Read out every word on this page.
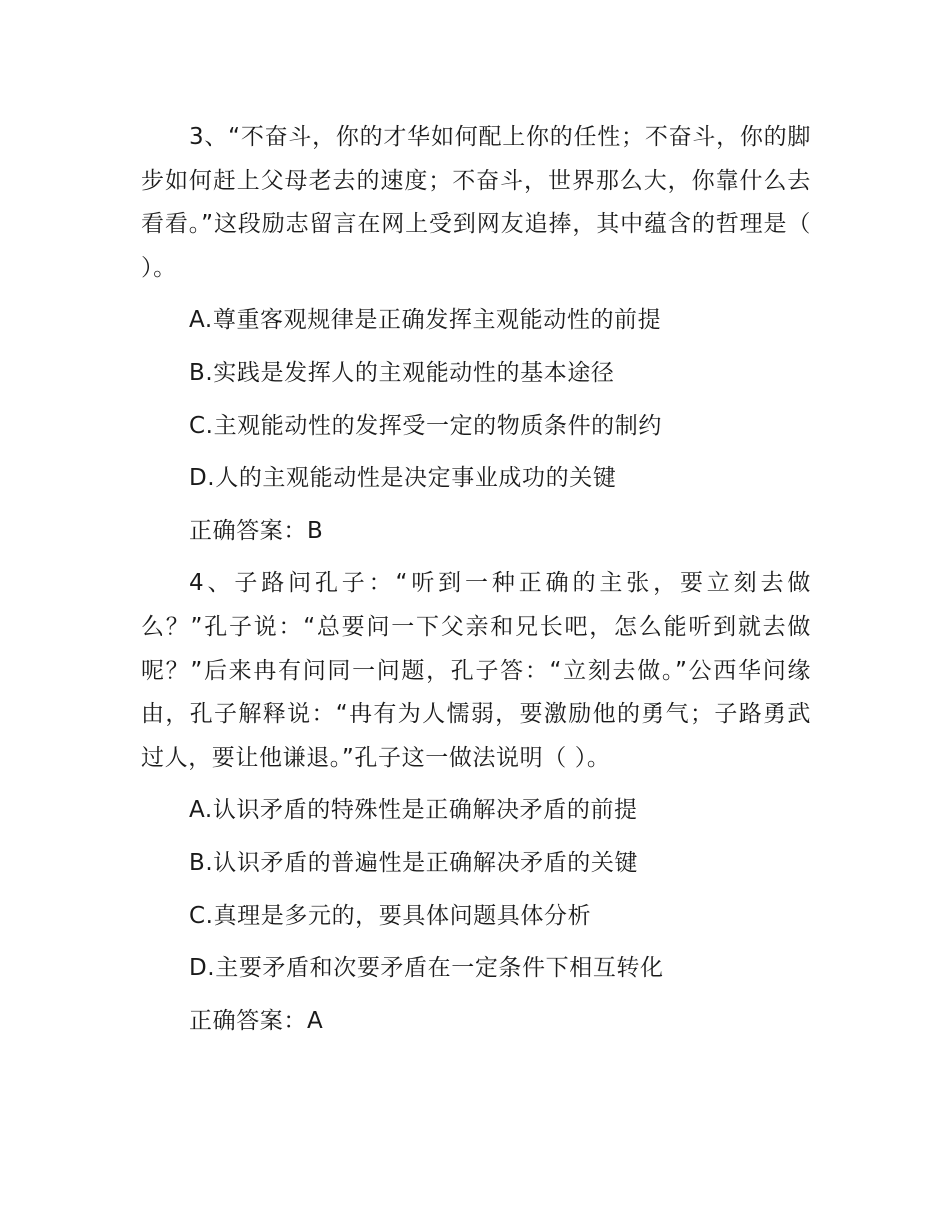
3、“不奋斗，你的才华如何配上你的任性；不奋斗，你的脚步如何赶上父母老去的速度；不奋斗，世界那么大，你靠什么去看看。”这段励志留言在网上受到网友追捧，其中蕴含的哲理是（ ）。

A.尊重客观规律是正确发挥主观能动性的前提

B.实践是发挥人的主观能动性的基本途径

C.主观能动性的发挥受一定的物质条件的制约

D.人的主观能动性是决定事业成功的关键

正确答案：B

4、子路问孔子：“听到一种正确的主张，要立刻去做么？”孔子说：“总要问一下父亲和兄长吧，怎么能听到就去做呢？”后来冉有问同一问题，孔子答：“立刻去做。”公西华问缘由，孔子解释说：“冉有为人懦弱，要激励他的勇气；子路勇武过人，要让他谦退。”孔子这一做法说明（ ）。

A.认识矛盾的特殊性是正确解决矛盾的前提

B.认识矛盾的普遍性是正确解决矛盾的关键

C.真理是多元的，要具体问题具体分析

D.主要矛盾和次要矛盾在一定条件下相互转化

正确答案：A
